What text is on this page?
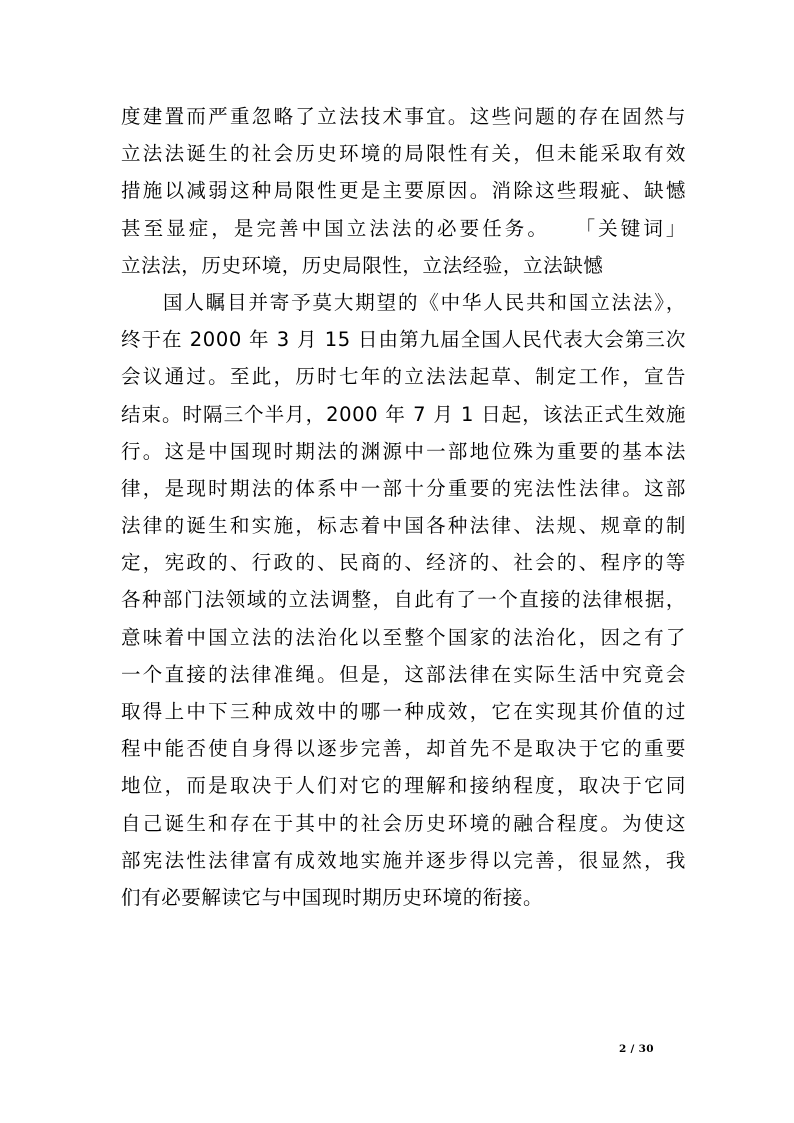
度建置而严重忽略了立法技术事宜。这些问题的存在固然与
立法法诞生的社会历史环境的局限性有关，但未能采取有效
措施以减弱这种局限性更是主要原因。消除这些瑕疵、缺憾
甚至显症，是完善中国立法法的必要任务。　　「关键词」
立法法，历史环境，历史局限性，立法经验，立法缺憾
国人瞩目并寄予莫大期望的《中华人民共和国立法法》，
终于在 2000 年 3 月 15 日由第九届全国人民代表大会第三次
会议通过。至此，历时七年的立法法起草、制定工作，宣告
结束。时隔三个半月，2000 年 7 月 1 日起，该法正式生效施
行。这是中国现时期法的渊源中一部地位殊为重要的基本法
律，是现时期法的体系中一部十分重要的宪法性法律。这部
法律的诞生和实施，标志着中国各种法律、法规、规章的制
定，宪政的、行政的、民商的、经济的、社会的、程序的等
各种部门法领域的立法调整，自此有了一个直接的法律根据，
意味着中国立法的法治化以至整个国家的法治化，因之有了
一个直接的法律准绳。但是，这部法律在实际生活中究竟会
取得上中下三种成效中的哪一种成效，它在实现其价值的过
程中能否使自身得以逐步完善，却首先不是取决于它的重要
地位，而是取决于人们对它的理解和接纳程度，取决于它同
自己诞生和存在于其中的社会历史环境的融合程度。为使这
部宪法性法律富有成效地实施并逐步得以完善，很显然，我
们有必要解读它与中国现时期历史环境的衔接。
2 / 30
